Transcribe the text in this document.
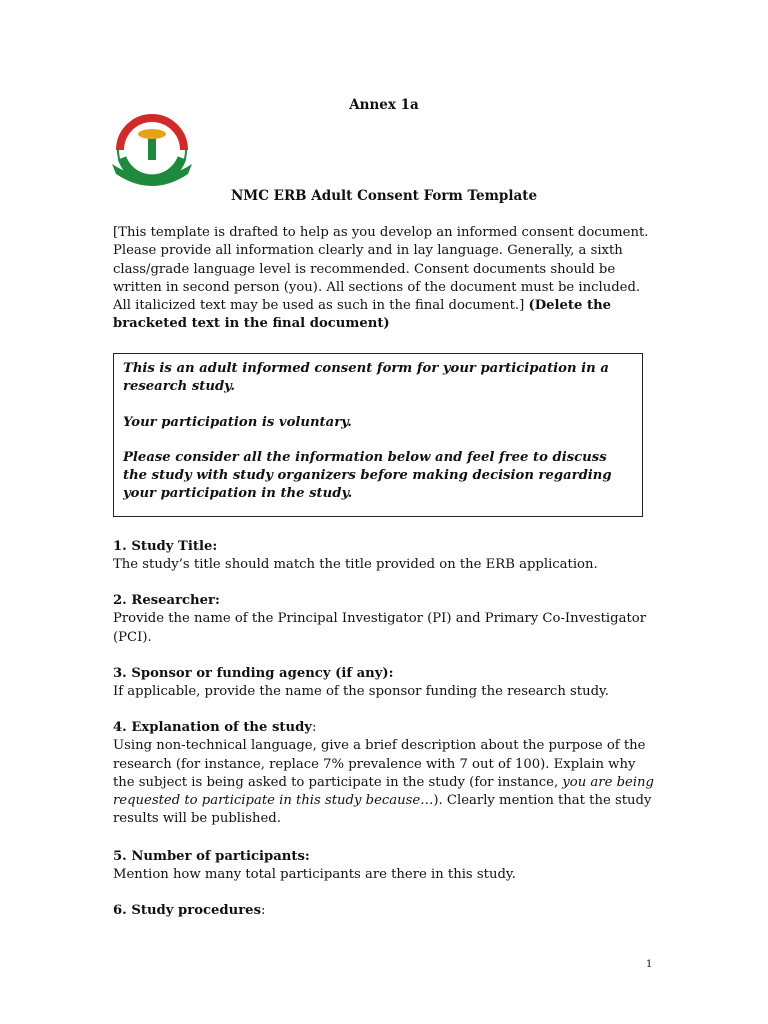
Annex 1a
NMC ERB Adult Consent Form Template
[This template is drafted to help as you develop an informed consent document. Please provide all information clearly and in lay language. Generally, a sixth class/grade language level is recommended. Consent documents should be written in second person (you). All sections of the document must be included. All italicized text may be used as such in the final document.] (Delete the bracketed text in the final document)

This is an adult informed consent form for your participation in a research study.

Your participation is voluntary.

Please consider all the information below and feel free to discuss the study with study organizers before making decision regarding your participation in the study.

1. Study Title:
The study’s title should match the title provided on the ERB application.
2. Researcher:
Provide the name of the Principal Investigator (PI) and Primary Co-Investigator (PCI).
3. Sponsor or funding agency (if any):
If applicable, provide the name of the sponsor funding the research study.
4. Explanation of the study:
Using non-technical language, give a brief description about the purpose of the research (for instance, replace 7% prevalence with 7 out of 100). Explain why the subject is being asked to participate in the study (for instance, you are being requested to participate in this study because…). Clearly mention that the study results will be published.
5. Number of participants:
Mention how many total participants are there in this study.
6. Study procedures:
1
